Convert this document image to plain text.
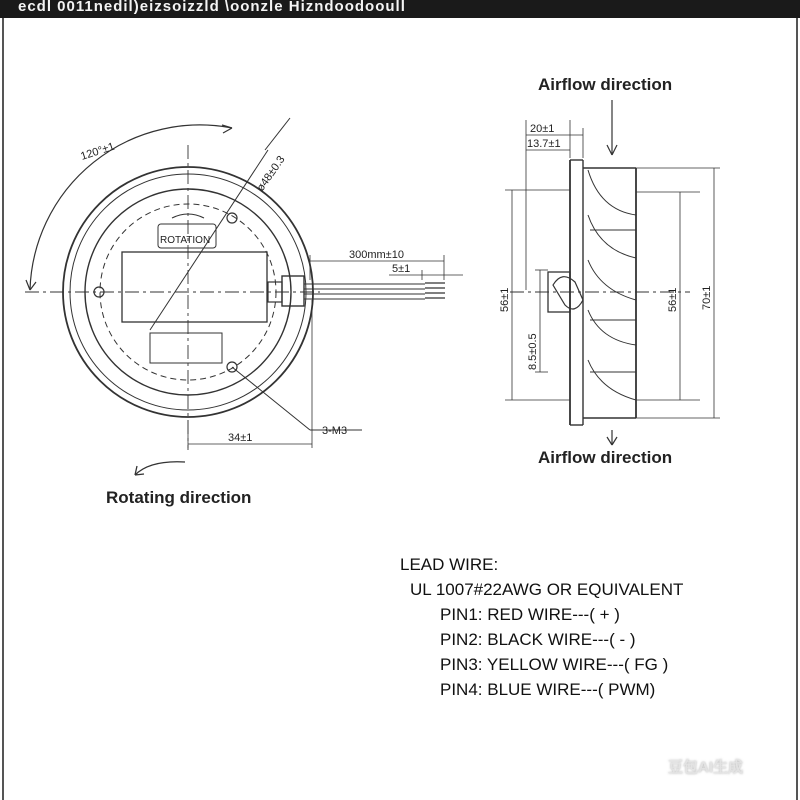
ecdl 0011nedil)eizsoizzld \oonzle Hizndoodooull
120°±1
ø48±0.3
ROTATION
300mm±10
5±1
34±1
3-M3
Rotating direction
Airflow direction
Airflow direction
20±1
13.7±1
56±1
8.5±0.5
56±1 70±1
LEAD WIRE:
UL 1007#22AWG OR EQUIVALENT
PIN1: RED WIRE---( + )
PIN2: BLACK WIRE---( - )
PIN3: YELLOW WIRE---( FG )
PIN4: BLUE WIRE---( PWM)
豆包AI生成
